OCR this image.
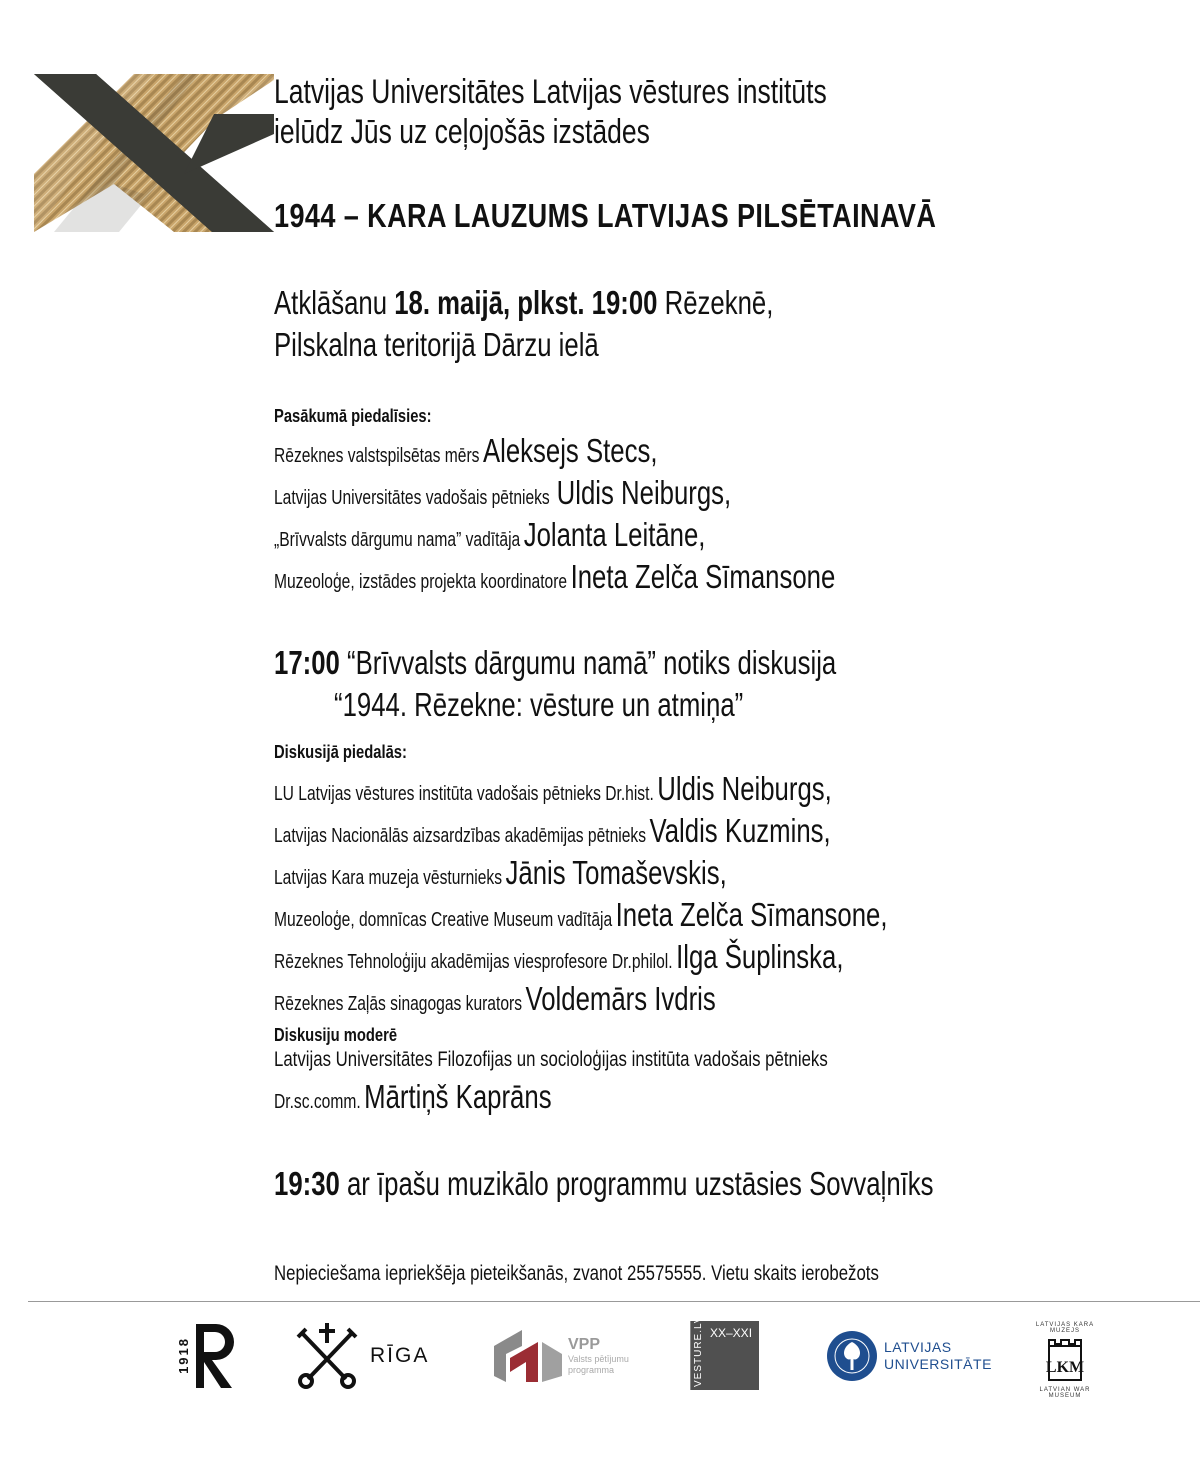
Latvijas Universitātes Latvijas vēstures institūts
ielūdz Jūs uz ceļojošās izstādes
1944 – KARA LAUZUMS LATVIJAS PILSĒTAINAVĀ
Atklāšanu 18. maijā, plkst. 19:00 Rēzeknē,
Pilskalna teritorijā Dārzu ielā
Pasākumā piedalīsies:
Rēzeknes valstspilsētas mērs Aleksejs Stecs,
Latvijas Universitātes vadošais pētnieks Uldis Neiburgs,
„Brīvvalsts dārgumu nama” vadītāja Jolanta Leitāne,
Muzeoloģe, izstādes projekta koordinatore Ineta Zelča Sīmansone
17:00 “Brīvvalsts dārgumu namā” notiks diskusija
“1944. Rēzekne: vēsture un atmiņa”
Diskusijā piedalās:
LU Latvijas vēstures institūta vadošais pētnieks Dr.hist. Uldis Neiburgs,
Latvijas Nacionālās aizsardzības akadēmijas pētnieks Valdis Kuzmins,
Latvijas Kara muzeja vēsturnieks Jānis Tomaševskis,
Muzeoloģe, domnīcas Creative Museum vadītāja Ineta Zelča Sīmansone,
Rēzeknes Tehnoloģiju akadēmijas viesprofesore Dr.philol. Ilga Šuplinska,
Rēzeknes Zaļās sinagogas kurators Voldemārs Ivdris
Diskusiju moderē
Latvijas Universitātes Filozofijas un socioloģijas institūta vadošais pētnieks
Dr.sc.comm. Mārtiņš Kaprāns
19:30 ar īpašu muzikālo programmu uzstāsies Sovvaļnīks
Nepieciešama iepriekšēja pieteikšanās, zvanot 25575555. Vietu skaits ierobežots
1918	RĪGA	VPP
Valsts pētījumu
programma	VESTURE.LV XX–XXI
LATVIJAS
UNIVERSITĀTE
LATVIJAS KARA MUZEJS
LKM
LATVIAN WAR MUSEUM
